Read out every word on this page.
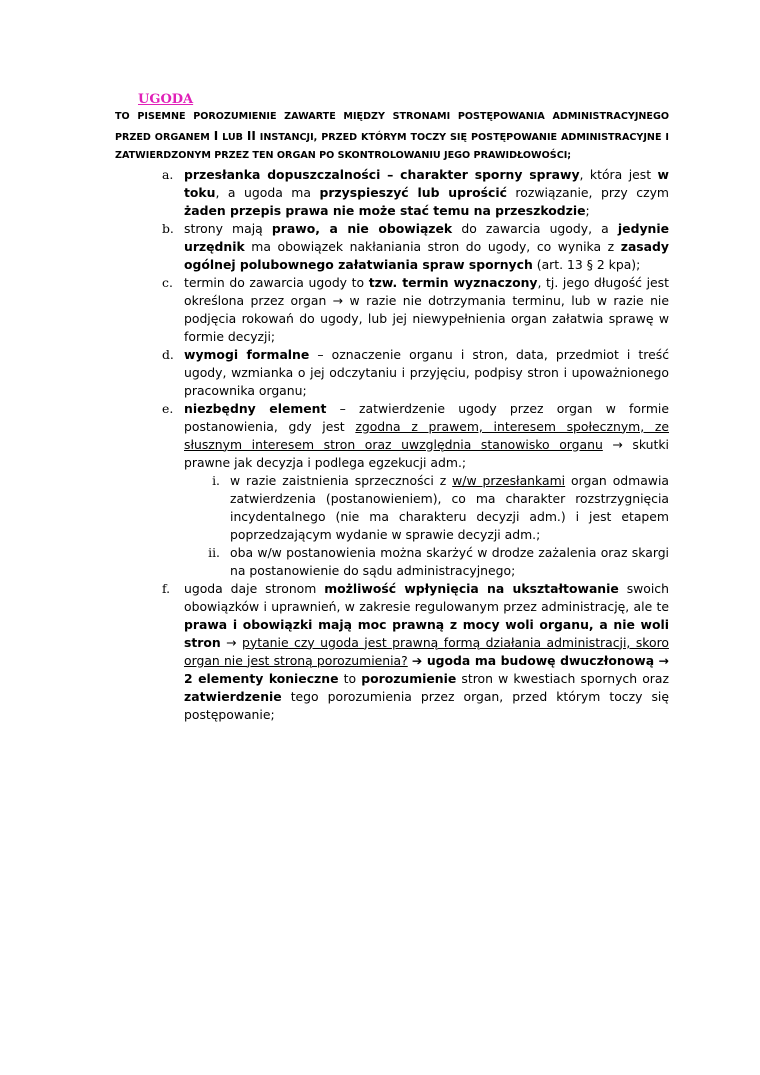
UGODA
TO PISEMNE POROZUMIENIE ZAWARTE MIĘDZY STRONAMI POSTĘPOWANIA ADMINISTRACYJNEGO PRZED ORGANEM I LUB II INSTANCJI, PRZED KTÓRYM TOCZY SIĘ POSTĘPOWANIE ADMINISTRACYJNE I ZATWIERDZONYM PRZEZ TEN ORGAN PO SKONTROLOWANIU JEGO PRAWIDŁOWOŚCI;
a. przesłanka dopuszczalności – charakter sporny sprawy, która jest w toku, a ugoda ma przyspieszyć lub uprościć rozwiązanie, przy czym żaden przepis prawa nie może stać temu na przeszkodzie;
b. strony mają prawo, a nie obowiązek do zawarcia ugody, a jedynie urzędnik ma obowiązek nakłaniania stron do ugody, co wynika z zasady ogólnej polubownego załatwiania spraw spornych (art. 13 § 2 kpa);
c. termin do zawarcia ugody to tzw. termin wyznaczony, tj. jego długość jest określona przez organ → w razie nie dotrzymania terminu, lub w razie nie podjęcia rokowań do ugody, lub jej niewypełnienia organ załatwia sprawę w formie decyzji;
d. wymogi formalne – oznaczenie organu i stron, data, przedmiot i treść ugody, wzmianka o jej odczytaniu i przyjęciu, podpisy stron i upoważnionego pracownika organu;
e. niezbędny element – zatwierdzenie ugody przez organ w formie postanowienia, gdy jest zgodna z prawem, interesem społecznym, ze słusznym interesem stron oraz uwzględnia stanowisko organu → skutki prawne jak decyzja i podlega egzekucji adm.;
i. w razie zaistnienia sprzeczności z w/w przesłankami organ odmawia zatwierdzenia (postanowieniem), co ma charakter rozstrzygnięcia incydentalnego (nie ma charakteru decyzji adm.) i jest etapem poprzedzającym wydanie w sprawie decyzji adm.;
ii. oba w/w postanowienia można skarżyć w drodze zażalenia oraz skargi na postanowienie do sądu administracyjnego;
f. ugoda daje stronom możliwość wpłynięcia na ukształtowanie swoich obowiązków i uprawnień, w zakresie regulowanym przez administrację, ale te prawa i obowiązki mają moc prawną z mocy woli organu, a nie woli stron → pytanie czy ugoda jest prawną formą działania administracji, skoro organ nie jest stroną porozumienia? ➔ ugoda ma budowę dwuczłonową → 2 elementy konieczne to porozumienie stron w kwestiach spornych oraz zatwierdzenie tego porozumienia przez organ, przed którym toczy się postępowanie;
